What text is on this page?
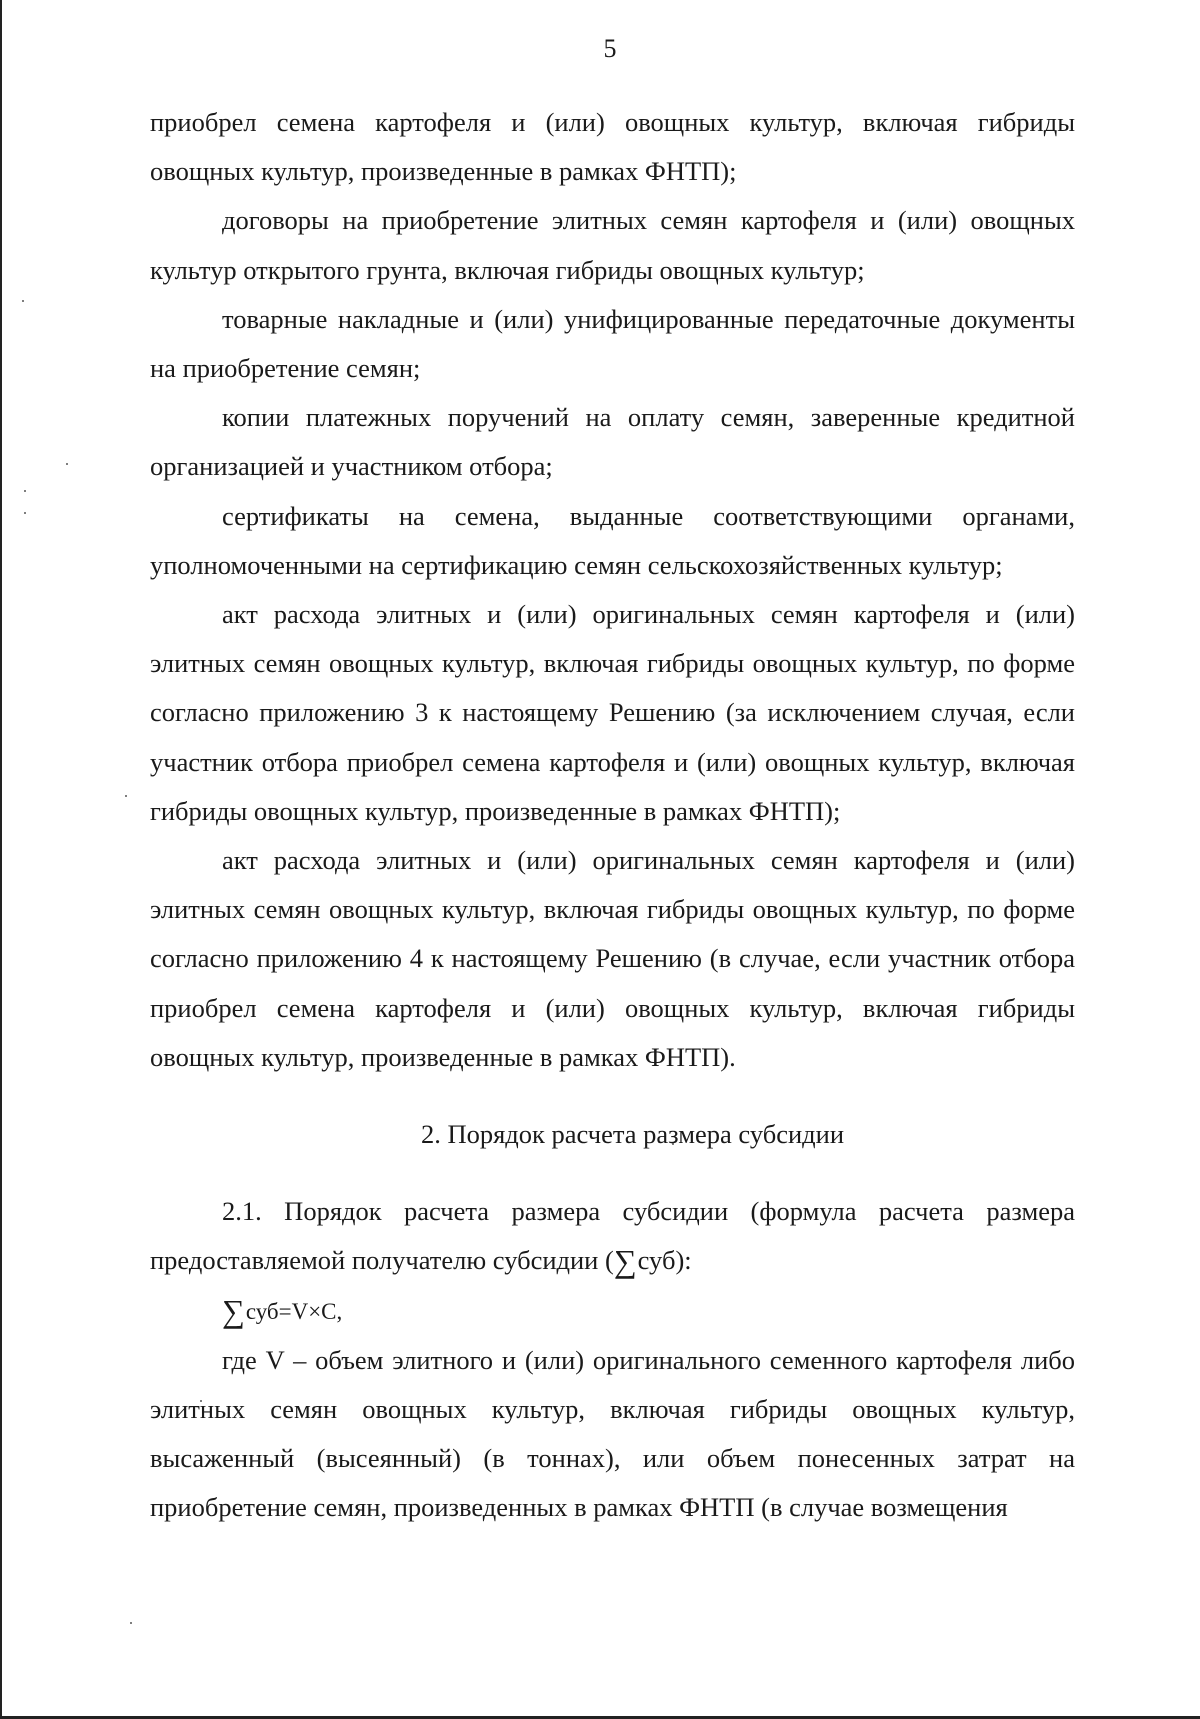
5

приобрел семена картофеля и (или) овощных культур, включая гибриды овощных культур, произведенные в рамках ФНТП);

договоры на приобретение элитных семян картофеля и (или) овощных культур открытого грунта, включая гибриды овощных культур;

товарные накладные и (или) унифицированные передаточные документы на приобретение семян;

копии платежных поручений на оплату семян, заверенные кредитной организацией и участником отбора;

сертификаты на семена, выданные соответствующими органами, уполномоченными на сертификацию семян сельскохозяйственных культур;

акт расхода элитных и (или) оригинальных семян картофеля и (или) элитных семян овощных культур, включая гибриды овощных культур, по форме согласно приложению 3 к настоящему Решению (за исключением случая, если участник отбора приобрел семена картофеля и (или) овощных культур, включая гибриды овощных культур, произведенные в рамках ФНТП);

акт расхода элитных и (или) оригинальных семян картофеля и (или) элитных семян овощных культур, включая гибриды овощных культур, по форме согласно приложению 4 к настоящему Решению (в случае, если участник отбора приобрел семена картофеля и (или) овощных культур, включая гибриды овощных культур, произведенные в рамках ФНТП).

2. Порядок расчета размера субсидии

2.1. Порядок расчета размера субсидии (формула расчета размера предоставляемой получателю субсидии (∑суб):

∑суб=V×C,

где V – объем элитного и (или) оригинального семенного картофеля либо элитных семян овощных культур, включая гибриды овощных культур, высаженный (высеянный) (в тоннах), или объем понесенных затрат на приобретение семян, произведенных в рамках ФНТП (в случае возмещения
